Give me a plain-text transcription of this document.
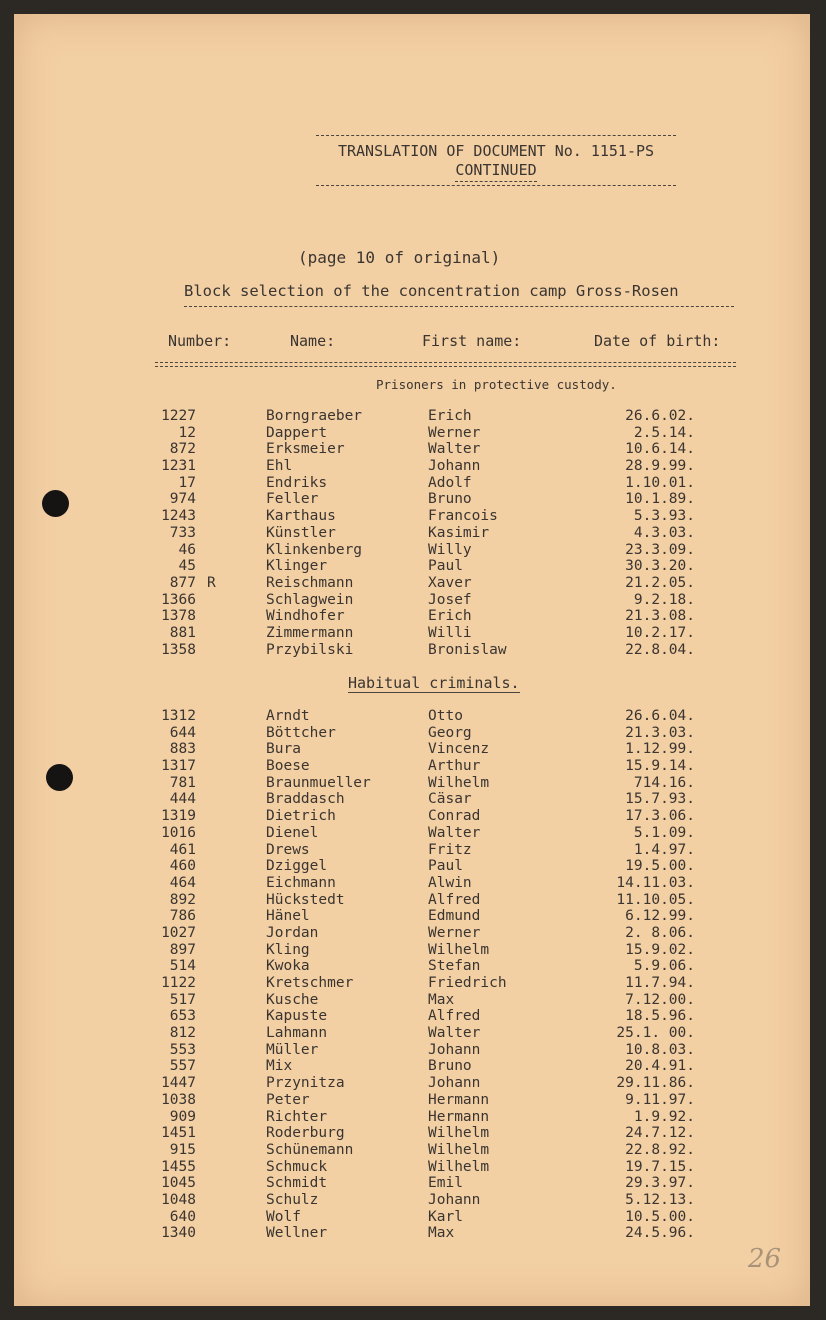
TRANSLATION OF DOCUMENT No. 1151-PS
CONTINUED
(page 10 of original)
Block selection of the concentration camp Gross-Rosen
Number:	Name:	First name:	Date of birth:
Prisoners in protective custody.
1227	Borngraeber	Erich	26.6.02.
12	Dappert	Werner	2.5.14.
872	Erksmeier	Walter	10.6.14.
1231	Ehl	Johann	28.9.99.
17	Endriks	Adolf	1.10.01.
974	Feller	Bruno	10.1.89.
1243	Karthaus	Francois	5.3.93.
733	Künstler	Kasimir	4.3.03.
46	Klinkenberg	Willy	23.3.09.
45	Klinger	Paul	30.3.20.
877 R	Reischmann	Xaver	21.2.05.
1366	Schlagwein	Josef	9.2.18.
1378	Windhofer	Erich	21.3.08.
881	Zimmermann	Willi	10.2.17.
1358	Przybilski	Bronislaw	22.8.04.
Habitual criminals.
1312	Arndt	Otto	26.6.04.
644	Böttcher	Georg	21.3.03.
883	Bura	Vincenz	1.12.99.
1317	Boese	Arthur	15.9.14.
781	Braunmueller	Wilhelm	714.16.
444	Braddasch	Cäsar	15.7.93.
1319	Dietrich	Conrad	17.3.06.
1016	Dienel	Walter	5.1.09.
461	Drews	Fritz	1.4.97.
460	Dziggel	Paul	19.5.00.
464	Eichmann	Alwin	14.11.03.
892	Hückstedt	Alfred	11.10.05.
786	Hänel	Edmund	6.12.99.
1027	Jordan	Werner	2. 8.06.
897	Kling	Wilhelm	15.9.02.
514	Kwoka	Stefan	5.9.06.
1122	Kretschmer	Friedrich	11.7.94.
517	Kusche	Max	7.12.00.
653	Kapuste	Alfred	18.5.96.
812	Lahmann	Walter	25.1. 00.
553	Müller	Johann	10.8.03.
557	Mix	Bruno	20.4.91.
1447	Przynitza	Johann	29.11.86.
1038	Peter	Hermann	9.11.97.
909	Richter	Hermann	1.9.92.
1451	Roderburg	Wilhelm	24.7.12.
915	Schünemann	Wilhelm	22.8.92.
1455	Schmuck	Wilhelm	19.7.15.
1045	Schmidt	Emil	29.3.97.
1048	Schulz	Johann	5.12.13.
640	Wolf	Karl	10.5.00.
1340	Wellner	Max	24.5.96.
26
